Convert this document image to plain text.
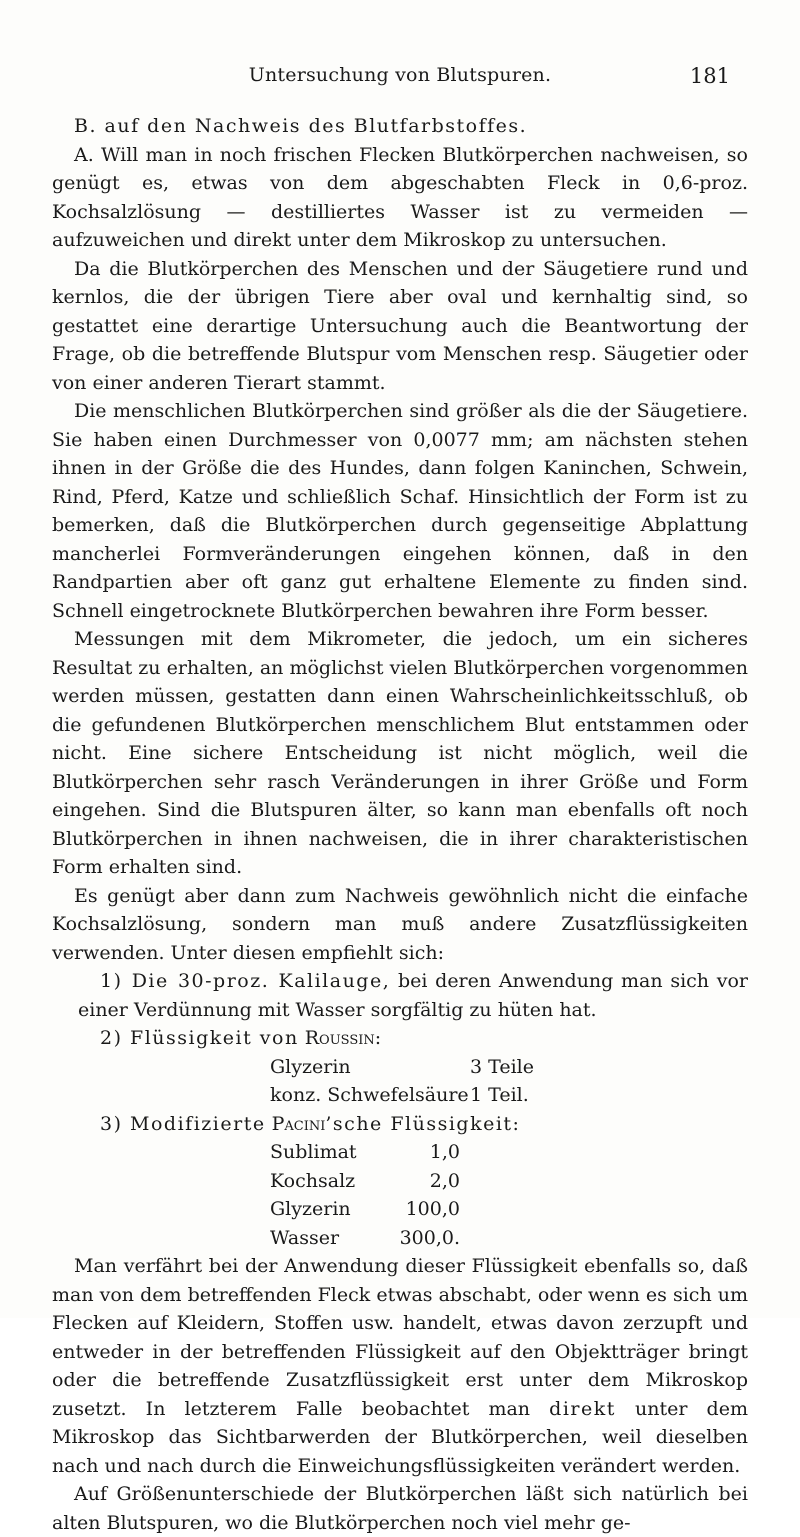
Untersuchung von Blutspuren.	181

B. auf den Nachweis des Blutfarbstoffes.

A. Will man in noch frischen Flecken Blutkörperchen nachweisen, so genügt es, etwas von dem abgeschabten Fleck in 0,6-proz. Kochsalzlösung — destilliertes Wasser ist zu vermeiden — aufzuweichen und direkt unter dem Mikroskop zu untersuchen.

Da die Blutkörperchen des Menschen und der Säugetiere rund und kernlos, die der übrigen Tiere aber oval und kernhaltig sind, so gestattet eine derartige Untersuchung auch die Beantwortung der Frage, ob die betreffende Blutspur vom Menschen resp. Säugetier oder von einer anderen Tierart stammt.

Die menschlichen Blutkörperchen sind größer als die der Säugetiere. Sie haben einen Durchmesser von 0,0077 mm; am nächsten stehen ihnen in der Größe die des Hundes, dann folgen Kaninchen, Schwein, Rind, Pferd, Katze und schließlich Schaf. Hinsichtlich der Form ist zu bemerken, daß die Blutkörperchen durch gegenseitige Abplattung mancherlei Formveränderungen eingehen können, daß in den Randpartien aber oft ganz gut erhaltene Elemente zu finden sind. Schnell eingetrocknete Blutkörperchen bewahren ihre Form besser.

Messungen mit dem Mikrometer, die jedoch, um ein sicheres Resultat zu erhalten, an möglichst vielen Blutkörperchen vorgenommen werden müssen, gestatten dann einen Wahrscheinlichkeitsschluß, ob die gefundenen Blutkörperchen menschlichem Blut entstammen oder nicht. Eine sichere Entscheidung ist nicht möglich, weil die Blutkörperchen sehr rasch Veränderungen in ihrer Größe und Form eingehen. Sind die Blutspuren älter, so kann man ebenfalls oft noch Blutkörperchen in ihnen nachweisen, die in ihrer charakteristischen Form erhalten sind.

Es genügt aber dann zum Nachweis gewöhnlich nicht die einfache Kochsalzlösung, sondern man muß andere Zusatzflüssigkeiten verwenden. Unter diesen empfiehlt sich:

1) Die 30-proz. Kalilauge, bei deren Anwendung man sich vor einer Verdünnung mit Wasser sorgfältig zu hüten hat.

2) Flüssigkeit von Roussin:

Glyzerin	3 Teile
konz. Schwefelsäure 1 Teil.

3) Modifizierte Pacini’sche Flüssigkeit:

Sublimat	1,0
Kochsalz	2,0
Glyzerin	100,0
Wasser	300,0.

Man verfährt bei der Anwendung dieser Flüssigkeit ebenfalls so, daß man von dem betreffenden Fleck etwas abschabt, oder wenn es sich um Flecken auf Kleidern, Stoffen usw. handelt, etwas davon zerzupft und entweder in der betreffenden Flüssigkeit auf den Objektträger bringt oder die betreffende Zusatzflüssigkeit erst unter dem Mikroskop zusetzt. In letzterem Falle beobachtet man direkt unter dem Mikroskop das Sichtbarwerden der Blutkörperchen, weil dieselben nach und nach durch die Einweichungsflüssigkeiten verändert werden.

Auf Größenunterschiede der Blutkörperchen läßt sich natürlich bei alten Blutspuren, wo die Blutkörperchen noch viel mehr ge-
